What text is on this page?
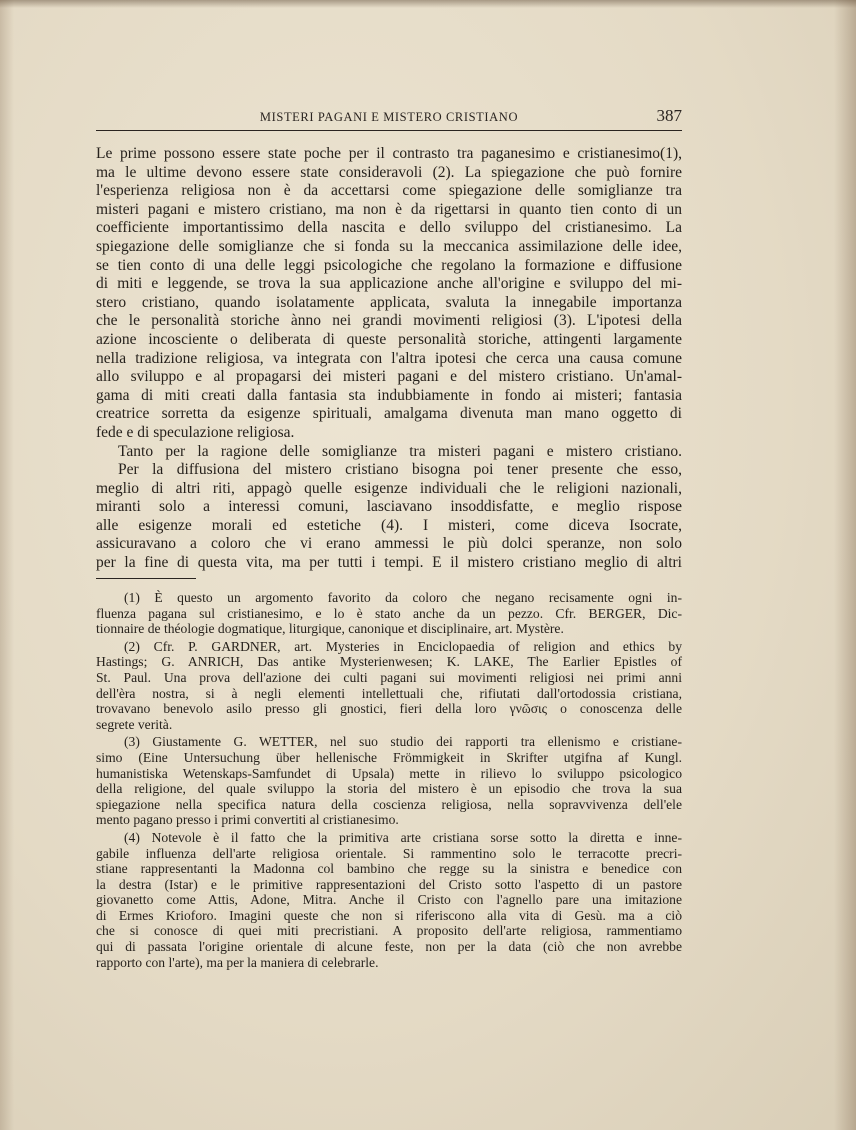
MISTERI PAGANI E MISTERO CRISTIANO	387
Le prime possono essere state poche per il contrasto tra paganesimo e cristianesimo(1),
ma le ultime devono essere state consideravoli (2). La spiegazione che può fornire
l'esperienza religiosa non è da accettarsi come spiegazione delle somiglianze tra
misteri pagani e mistero cristiano, ma non è da rigettarsi in quanto tien conto di un
coefficiente importantissimo della nascita e dello sviluppo del cristianesimo. La
spiegazione delle somiglianze che si fonda su la meccanica assimilazione delle idee,
se tien conto di una delle leggi psicologiche che regolano la formazione e diffusione
di miti e leggende, se trova la sua applicazione anche all'origine e sviluppo del mi-
stero cristiano, quando isolatamente applicata, svaluta la innegabile importanza
che le personalità storiche ànno nei grandi movimenti religiosi (3). L'ipotesi della
azione incosciente o deliberata di queste personalità storiche, attingenti largamente
nella tradizione religiosa, va integrata con l'altra ipotesi che cerca una causa comune
allo sviluppo e al propagarsi dei misteri pagani e del mistero cristiano. Un'amal-
gama di miti creati dalla fantasia sta indubbiamente in fondo ai misteri; fantasia
creatrice sorretta da esigenze spirituali, amalgama divenuta man mano oggetto di
fede e di speculazione religiosa.
Tanto per la ragione delle somiglianze tra misteri pagani e mistero cristiano.
Per la diffusiona del mistero cristiano bisogna poi tener presente che esso,
meglio di altri riti, appagò quelle esigenze individuali che le religioni nazionali,
miranti solo a interessi comuni, lasciavano insoddisfatte, e meglio rispose
alle esigenze morali ed estetiche (4). I misteri, come diceva Isocrate,
assicuravano a coloro che vi erano ammessi le più dolci speranze, non solo
per la fine di questa vita, ma per tutti i tempi. E il mistero cristiano meglio di altri
(1) È questo un argomento favorito da coloro che negano recisamente ogni in-
fluenza pagana sul cristianesimo, e lo è stato anche da un pezzo. Cfr. BERGER, Dic-
tionnaire de théologie dogmatique, liturgique, canonique et disciplinaire, art. Mystère.
(2) Cfr. P. GARDNER, art. Mysteries in Enciclopaedia of religion and ethics by
Hastings; G. ANRICH, Das antike Mysterienwesen; K. LAKE, The Earlier Epistles of
St. Paul. Una prova dell'azione dei culti pagani sui movimenti religiosi nei primi anni
dell'èra nostra, si à negli elementi intellettuali che, rifiutati dall'ortodossia cristiana,
trovavano benevolo asilo presso gli gnostici, fieri della loro γνῶσις o conoscenza delle
segrete verità.
(3) Giustamente G. WETTER, nel suo studio dei rapporti tra ellenismo e cristiane-
simo (Eine Untersuchung über hellenische Frömmigkeit in Skrifter utgifna af Kungl.
humanistiska Wetenskaps-Samfundet di Upsala) mette in rilievo lo sviluppo psicologico
della religione, del quale sviluppo la storia del mistero è un episodio che trova la sua
spiegazione nella specifica natura della coscienza religiosa, nella sopravvivenza dell'ele
mento pagano presso i primi convertiti al cristianesimo.
(4) Notevole è il fatto che la primitiva arte cristiana sorse sotto la diretta e inne-
gabile influenza dell'arte religiosa orientale. Si rammentino solo le terracotte precri-
stiane rappresentanti la Madonna col bambino che regge su la sinistra e benedice con
la destra (Istar) e le primitive rappresentazioni del Cristo sotto l'aspetto di un pastore
giovanetto come Attis, Adone, Mitra. Anche il Cristo con l'agnello pare una imitazione
di Ermes Krioforo. Imagini queste che non si riferiscono alla vita di Gesù. ma a ciò
che si conosce di quei miti precristiani. A proposito dell'arte religiosa, rammentiamo
qui di passata l'origine orientale di alcune feste, non per la data (ciò che non avrebbe
rapporto con l'arte), ma per la maniera di celebrarle.
